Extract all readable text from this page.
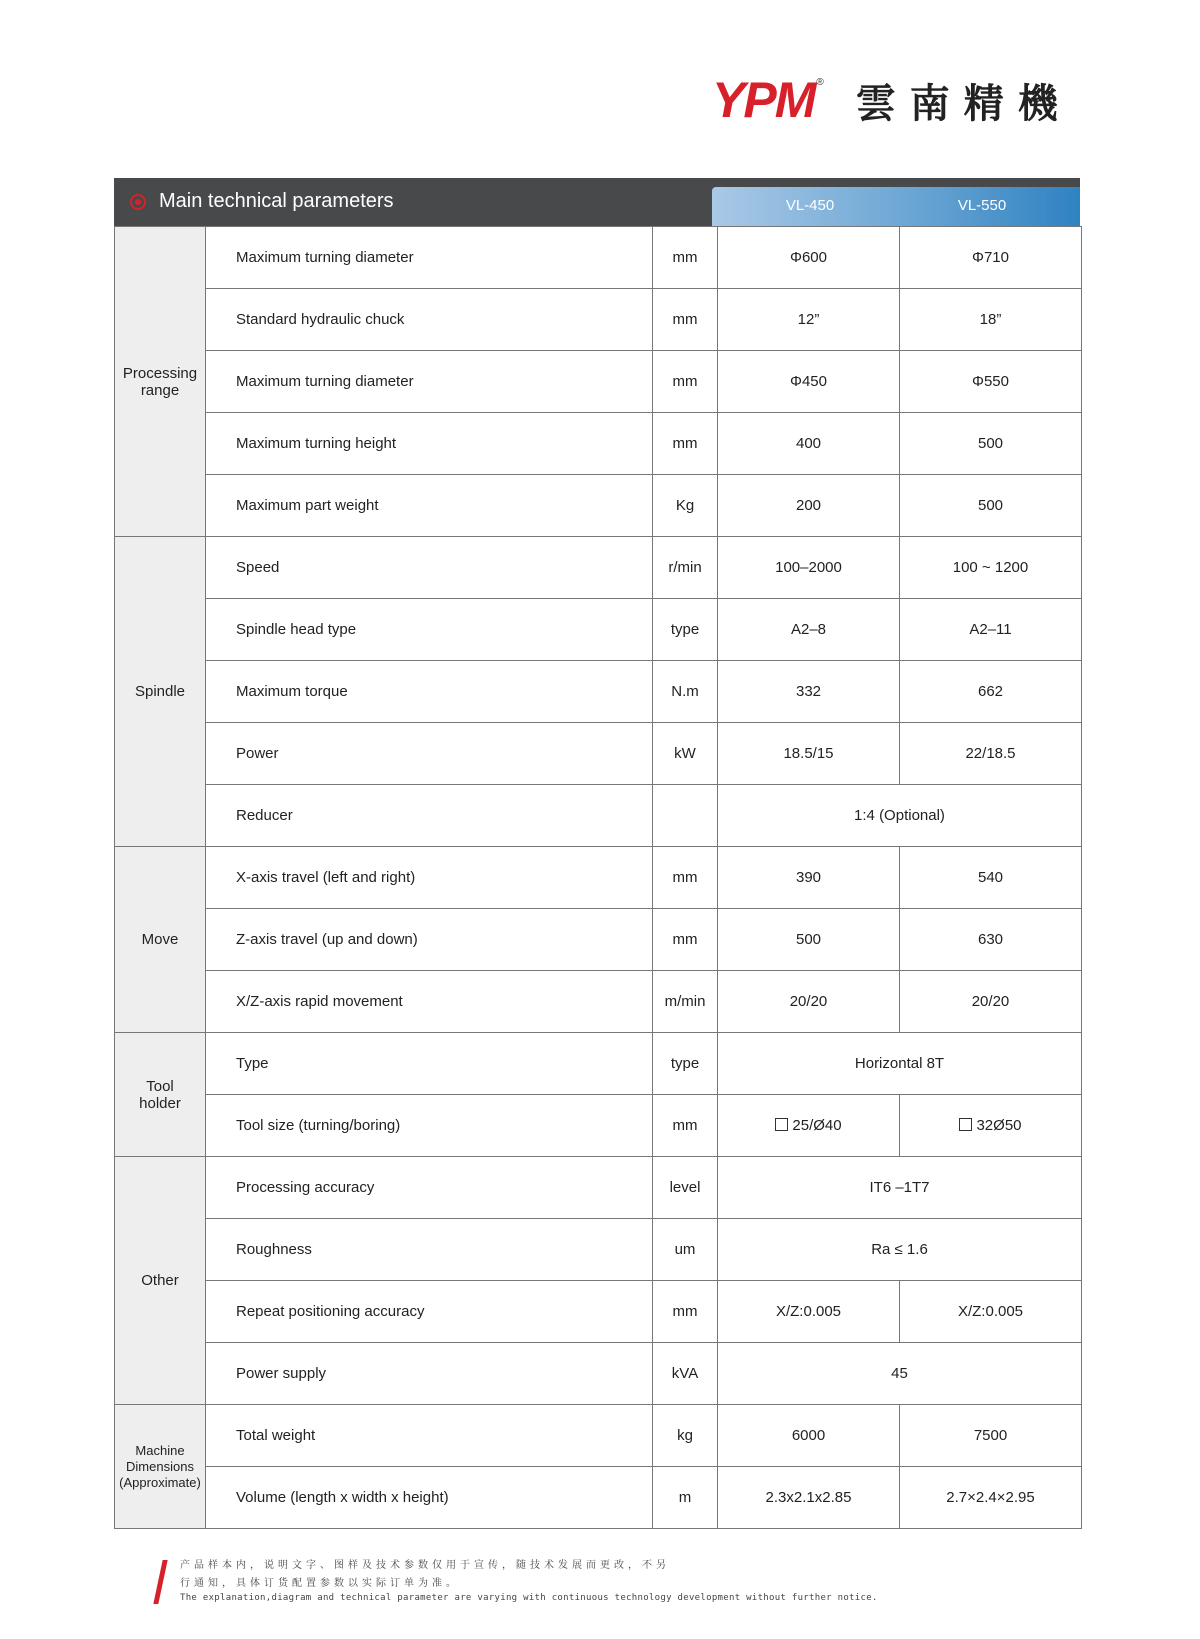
YPM ® 雲南精機
Main technical parameters	VL-450	VL-550
Processing
range	Maximum turning diameter	mm	Φ600	Φ710
	Standard hydraulic chuck	mm	12”	18”
	Maximum turning diameter	mm	Φ450	Φ550
	Maximum turning height	mm	400	500
	Maximum part weight	Kg	200	500
Spindle	Speed	r/min	100–2000	100 ~ 1200
	Spindle head type	type	A2–8	A2–11
	Maximum torque	N.m	332	662
	Power	kW	18.5/15	22/18.5
	Reducer		1:4 (Optional)	
Move	X-axis travel (left and right)	mm	390	540
	Z-axis travel (up and down)	mm	500	630
	X/Z-axis rapid movement	m/min	20/20	20/20
Tool
holder	Type	type	Horizontal 8T	
	Tool size (turning/boring)	mm	25/Ø40	32Ø50
Other	Processing accuracy	level	IT6 –1T7	
	Roughness	um	Ra ≤ 1.6	
	Repeat positioning accuracy	mm	X/Z:0.005	X/Z:0.005
	Power supply	kVA	45	
Machine
Dimensions
(Approximate)	Total weight	kg	6000	7500
	Volume (length x width x height)	m	2.3x2.1x2.85	2.7×2.4×2.95
产品样本内，说明文字、图样及技术参数仅用于宣传，随技术发展而更改，不另
行通知，具体订货配置参数以实际订单为准。
The explanation,diagram and technical parameter are varying with continuous technology development without further notice.
